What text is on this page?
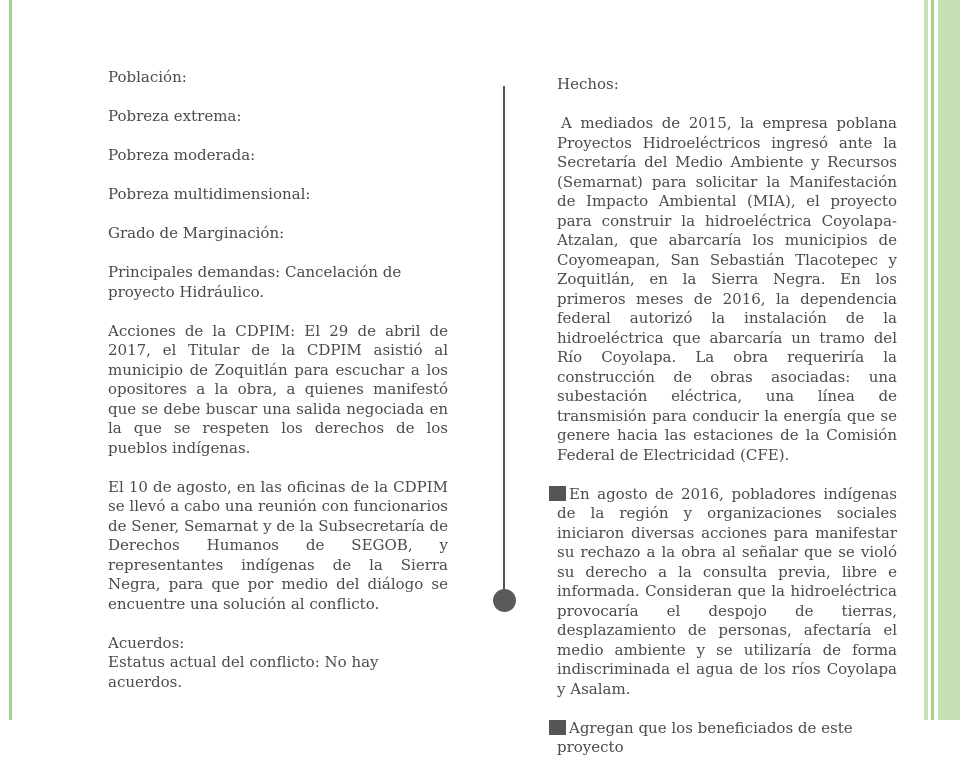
Población:

Pobreza extrema:

Pobreza moderada:

Pobreza multidimensional:

Grado de Marginación:

Principales demandas: Cancelación de proyecto Hidráulico.

Acciones de la CDPIM: El 29 de abril de 2017, el Titular de la CDPIM asistió al municipio de Zoquitlán para escuchar a los opositores a la obra, a quienes manifestó que se debe buscar una salida negociada en la que se respeten los derechos de los pueblos indígenas.

El 10 de agosto, en las oficinas de la CDPIM se llevó a cabo una reunión con funcionarios de Sener, Semarnat y de la Subsecretaría de Derechos Humanos de SEGOB, y representantes indígenas de la Sierra Negra, para que por medio del diálogo se encuentre una solución al conflicto.

Acuerdos:

Estatus actual del conflicto: No hay acuerdos.

Hechos:

A mediados de 2015, la empresa poblana Proyectos Hidroeléctricos ingresó ante la Secretaría del Medio Ambiente y Recursos (Semarnat) para solicitar la Manifestación de Impacto Ambiental (MIA), el proyecto para construir la hidroeléctrica Coyolapa-Atzalan, que abarcaría los municipios de Coyomeapan, San Sebastián Tlacotepec y Zoquitlán, en la Sierra Negra. En los primeros meses de 2016, la dependencia federal autorizó la instalación de la hidroeléctrica que abarcaría un tramo del Río Coyolapa. La obra requeriría la construcción de obras asociadas: una subestación eléctrica, una línea de transmisión para conducir la energía que se genere hacia las estaciones de la Comisión Federal de Electricidad (CFE).

En agosto de 2016, pobladores indígenas de la región y organizaciones sociales iniciaron diversas acciones para manifestar su rechazo a la obra al señalar que se violó su derecho a la consulta previa, libre e informada. Consideran que la hidroeléctrica provocaría el despojo de tierras, desplazamiento de personas, afectaría el medio ambiente y se utilizaría de forma indiscriminada el agua de los ríos Coyolapa y Asalam.

Agregan que los beneficiados de este proyecto
